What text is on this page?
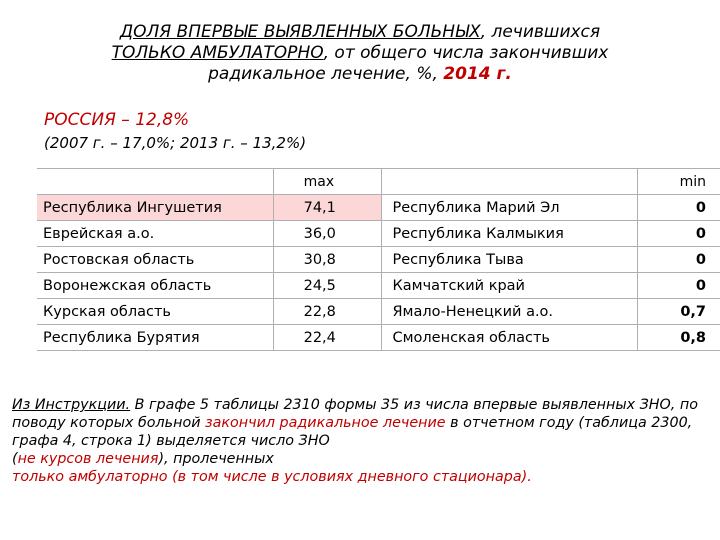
ДОЛЯ ВПЕРВЫЕ ВЫЯВЛЕННЫХ БОЛЬНЫХ, лечившихся
ТОЛЬКО АМБУЛАТОРНО, от общего числа закончивших
радикальное лечение, %, 2014 г.
РОССИЯ – 12,8%
(2007 г. – 17,0%; 2013 г. – 13,2%)
	max		min
Республика Ингушетия	74,1	Республика Марий Эл	0
Еврейская а.о.	36,0	Республика Калмыкия	0
Ростовская область	30,8	Республика Тыва	0
Воронежская область	24,5	Камчатский край	0
Курская область	22,8	Ямало-Ненецкий а.о.	0,7
Республика Бурятия	22,4	Смоленская область	0,8
Из Инструкции. В графе 5 таблицы 2310 формы 35 из числа впервые выявленных ЗНО, по поводу которых больной закончил радикальное лечение в отчетном году (таблица 2300, графа 4, строка 1) выделяется число ЗНО
(не курсов лечения), пролеченных
только амбулаторно (в том числе в условиях дневного стационара).
